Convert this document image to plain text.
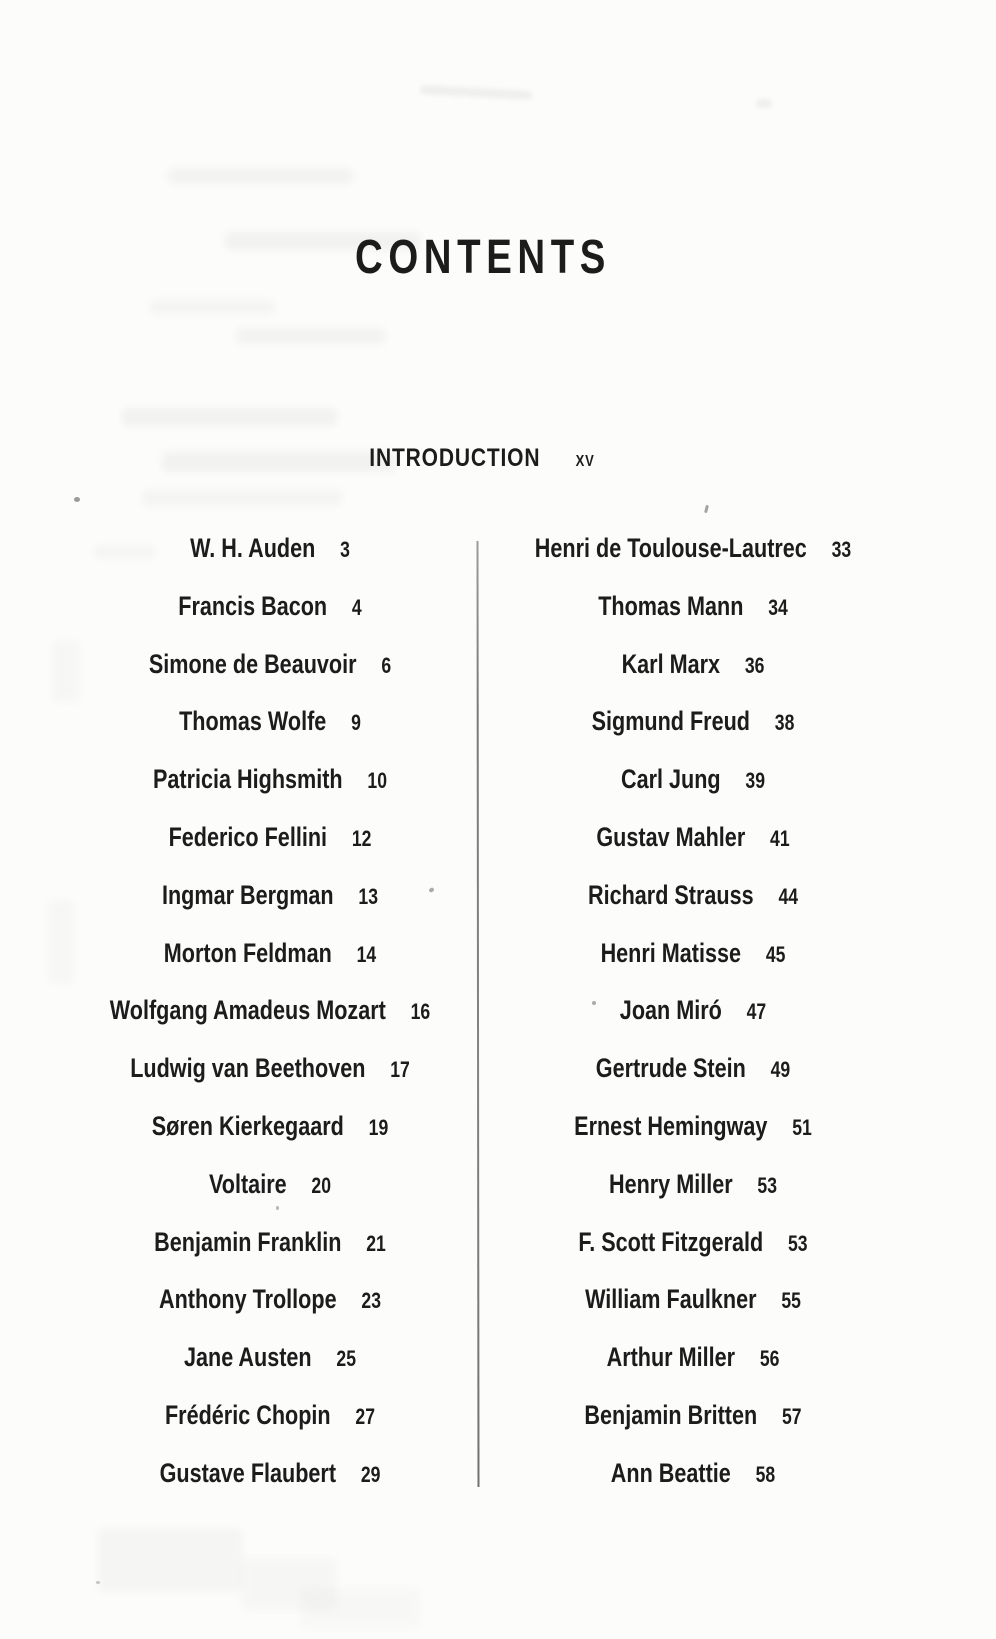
CONTENTS
INTRODUCTION XV
W. H. Auden 3
Francis Bacon 4
Simone de Beauvoir 6
Thomas Wolfe 9
Patricia Highsmith 10
Federico Fellini 12
Ingmar Bergman 13
Morton Feldman 14
Wolfgang Amadeus Mozart 16
Ludwig van Beethoven 17
Søren Kierkegaard 19
Voltaire 20
Benjamin Franklin 21
Anthony Trollope 23
Jane Austen 25
Frédéric Chopin 27
Gustave Flaubert 29
Henri de Toulouse-Lautrec 33
Thomas Mann 34
Karl Marx 36
Sigmund Freud 38
Carl Jung 39
Gustav Mahler 41
Richard Strauss 44
Henri Matisse 45
Joan Miró 47
Gertrude Stein 49
Ernest Hemingway 51
Henry Miller 53
F. Scott Fitzgerald 53
William Faulkner 55
Arthur Miller 56
Benjamin Britten 57
Ann Beattie 58
